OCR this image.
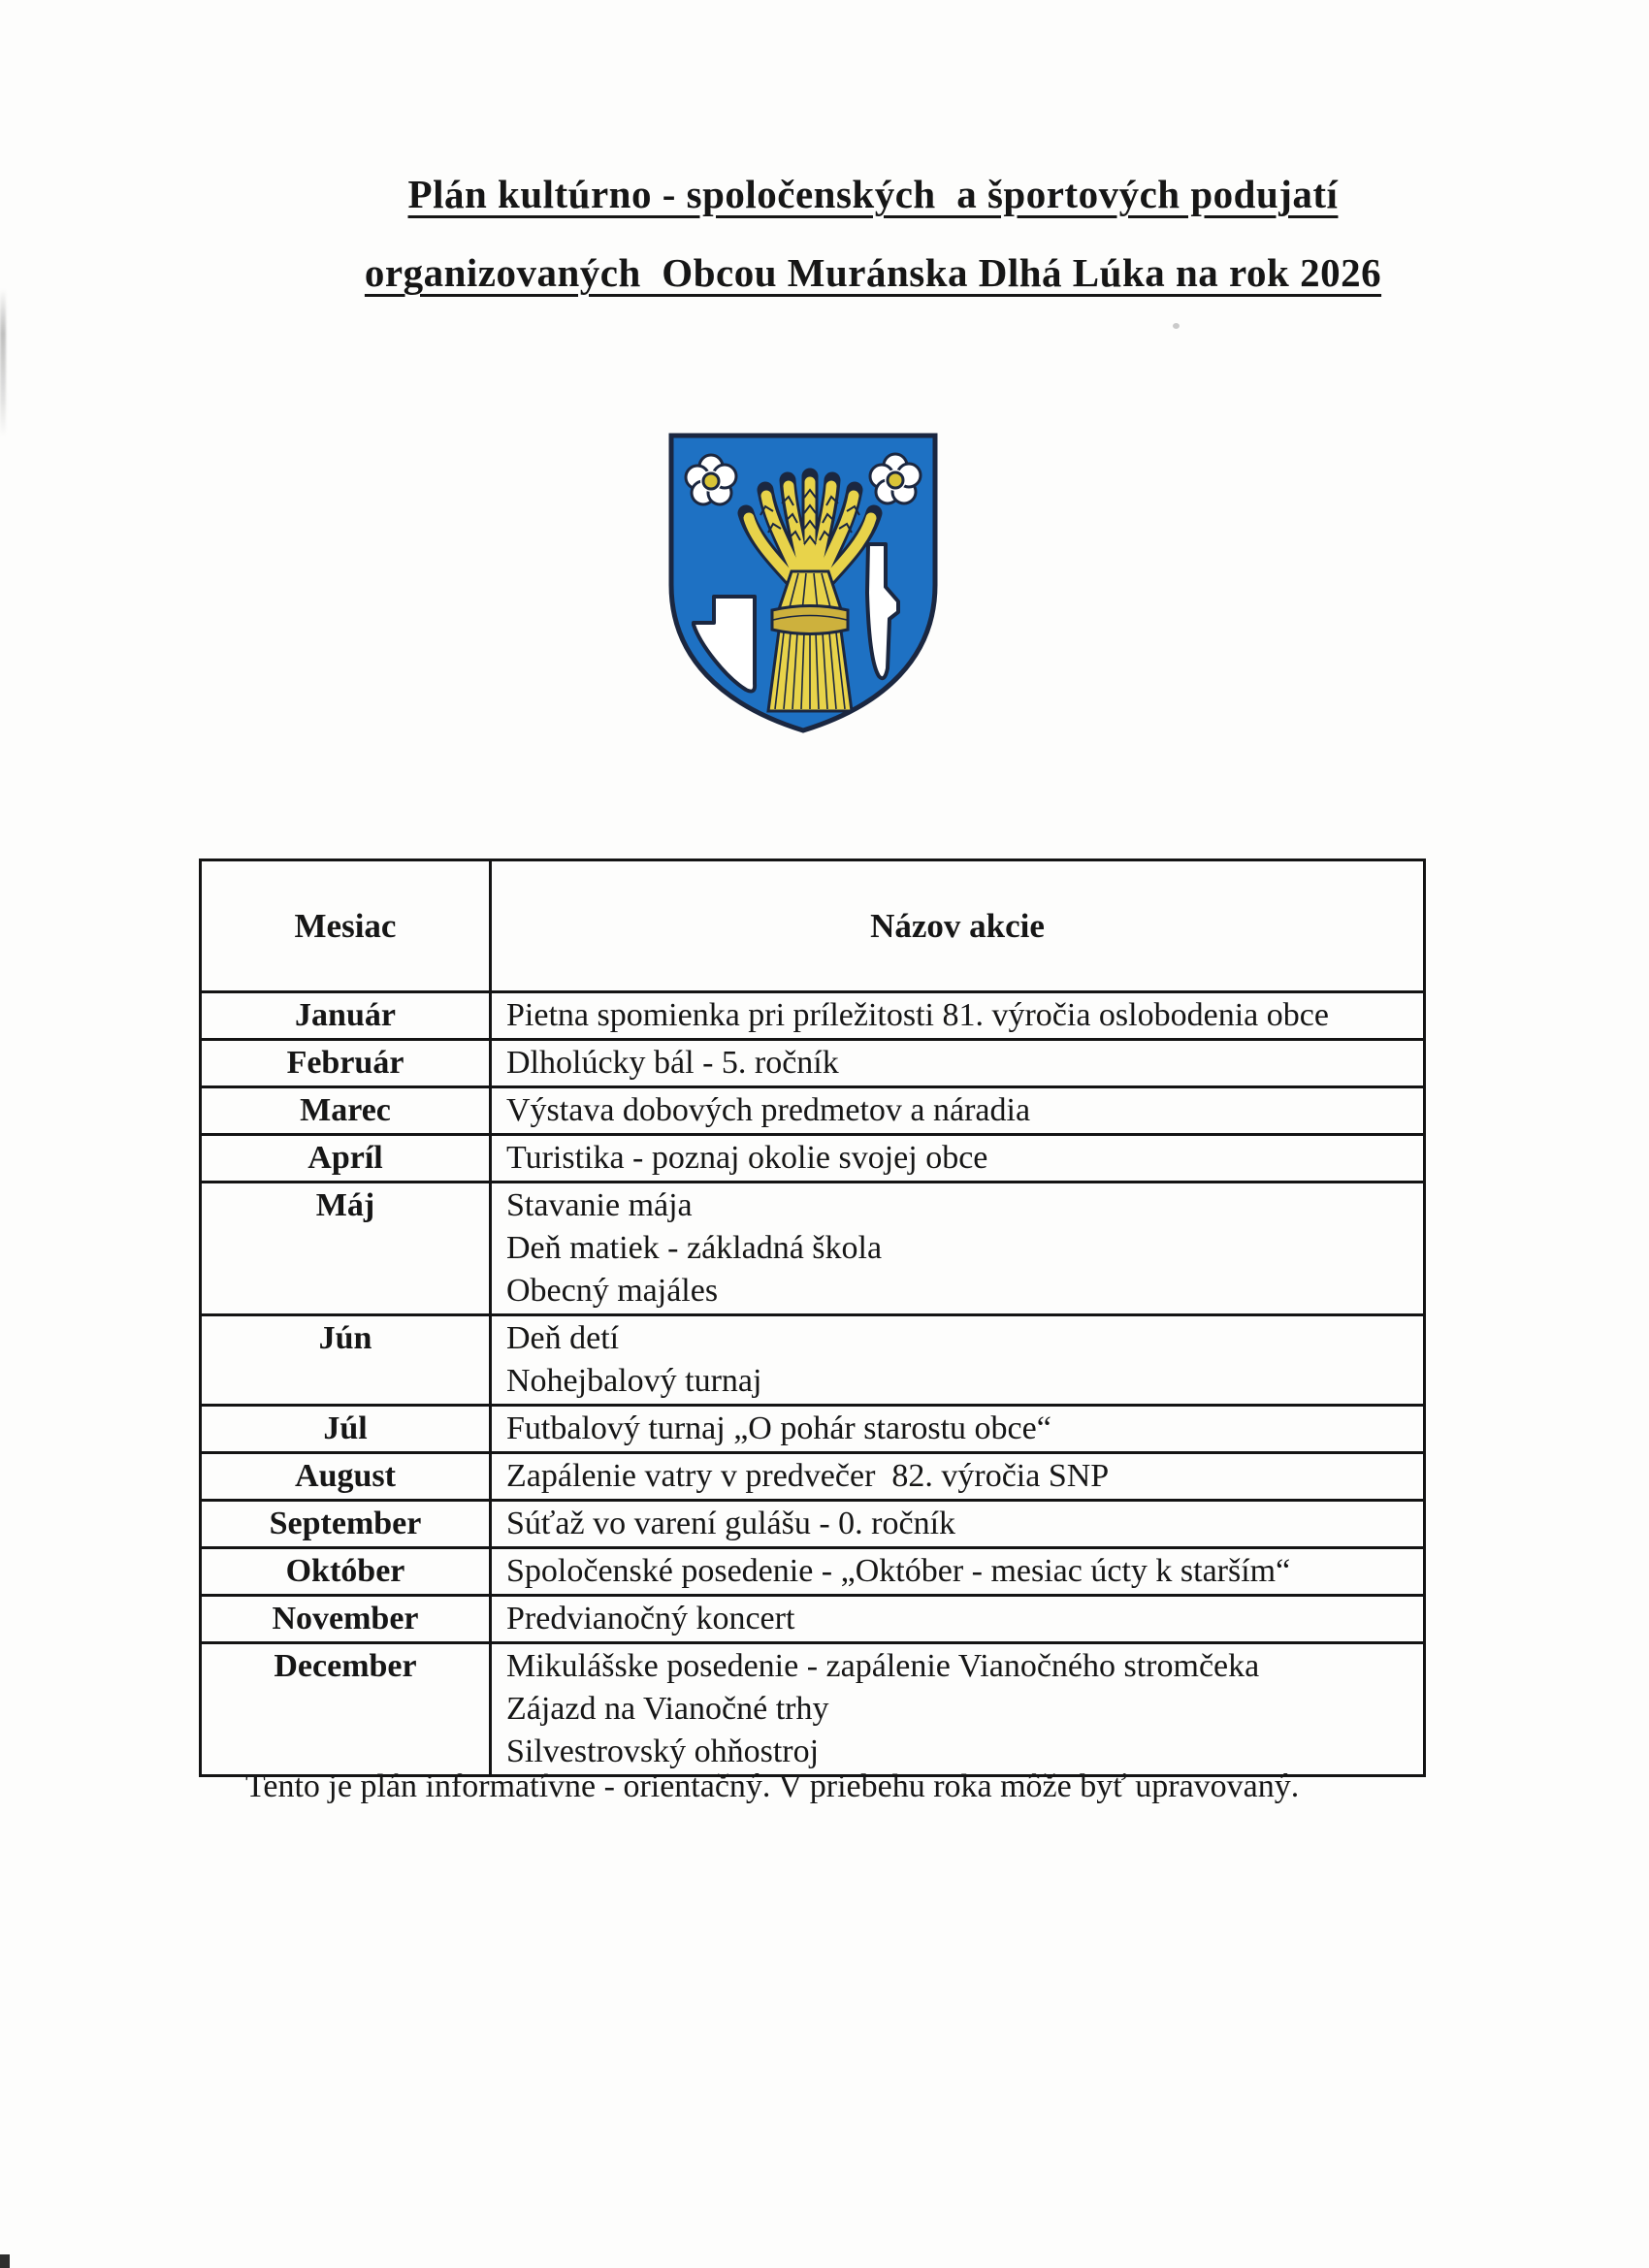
Plán kultúrno - spoločenských  a športových podujatí
organizovaných  Obcou Muránska Dlhá Lúka na rok 2026
Mesiac	Názov akcie
Január	Pietna spomienka pri príležitosti 81. výročia oslobodenia obce

Február	Dlholúcky bál - 5. ročník

Marec	Výstava dobových predmetov a náradia

Apríl	Turistika - poznaj okolie svojej obce

Máj	Stavanie mája
Deň matiek - základná škola
Obecný majáles

Jún	Deň detí
Nohejbalový turnaj

Júl	Futbalový turnaj „O pohár starostu obce“

August	Zapálenie vatry v predvečer  82. výročia SNP

September	Súťaž vo varení gulášu - 0. ročník

Október	Spoločenské posedenie - „Október - mesiac úcty k starším“

November	Predvianočný koncert

December	Mikulášske posedenie - zapálenie Vianočného stromčeka
Zájazd na Vianočné trhy
Silvestrovský ohňostroj
Tento je plán informatívne - orientačný. V priebehu roka môže byť upravovaný.
